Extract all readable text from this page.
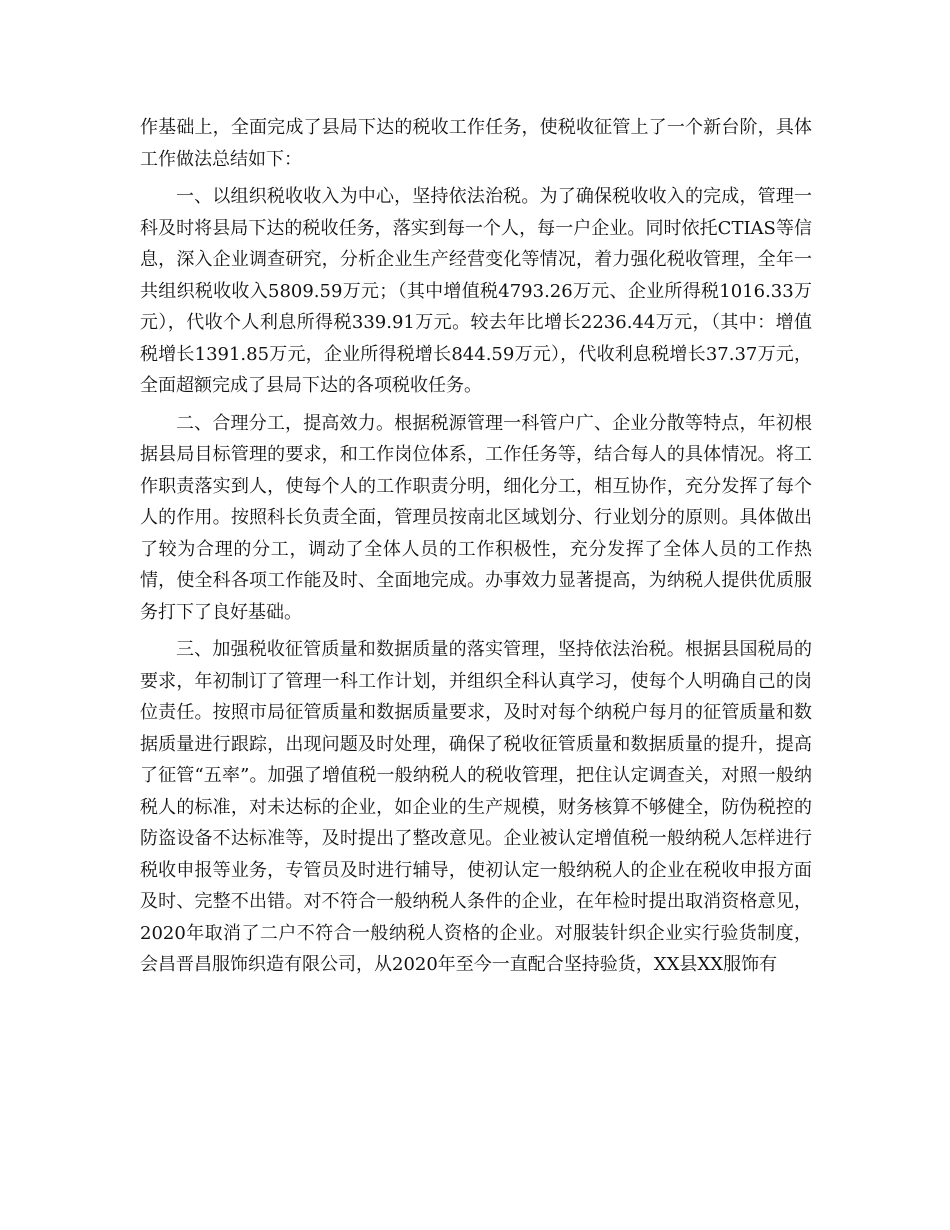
作基础上，全面完成了县局下达的税收工作任务，使税收征管上了一个新台阶，具体工作做法总结如下：

一、以组织税收收入为中心，坚持依法治税。为了确保税收收入的完成，管理一科及时将县局下达的税收任务，落实到每一个人，每一户企业。同时依托CTIAS等信息，深入企业调查研究，分析企业生产经营变化等情况，着力强化税收管理，全年一共组织税收收入5809.59万元；（其中增值税4793.26万元、企业所得税1016.33万元），代收个人利息所得税339.91万元。较去年比增长2236.44万元，（其中：增值税增长1391.85万元，企业所得税增长844.59万元），代收利息税增长37.37万元，全面超额完成了县局下达的各项税收任务。

二、合理分工，提高效力。根据税源管理一科管户广、企业分散等特点，年初根据县局目标管理的要求，和工作岗位体系，工作任务等，结合每人的具体情况。将工作职责落实到人，使每个人的工作职责分明，细化分工，相互协作，充分发挥了每个人的作用。按照科长负责全面，管理员按南北区域划分、行业划分的原则。具体做出了较为合理的分工，调动了全体人员的工作积极性，充分发挥了全体人员的工作热情，使全科各项工作能及时、全面地完成。办事效力显著提高，为纳税人提供优质服务打下了良好基础。

三、加强税收征管质量和数据质量的落实管理，坚持依法治税。根据县国税局的要求，年初制订了管理一科工作计划，并组织全科认真学习，使每个人明确自己的岗位责任。按照市局征管质量和数据质量要求，及时对每个纳税户每月的征管质量和数据质量进行跟踪，出现问题及时处理，确保了税收征管质量和数据质量的提升，提高了征管“五率”。加强了增值税一般纳税人的税收管理，把住认定调查关，对照一般纳税人的标准，对未达标的企业，如企业的生产规模，财务核算不够健全，防伪税控的防盗设备不达标准等，及时提出了整改意见。企业被认定增值税一般纳税人怎样进行税收申报等业务，专管员及时进行辅导，使初认定一般纳税人的企业在税收申报方面及时、完整不出错。对不符合一般纳税人条件的企业，在年检时提出取消资格意见，2020年取消了二户不符合一般纳税人资格的企业。对服装针织企业实行验货制度，会昌晋昌服饰织造有限公司，从2020年至今一直配合坚持验货，XX县XX服饰有
